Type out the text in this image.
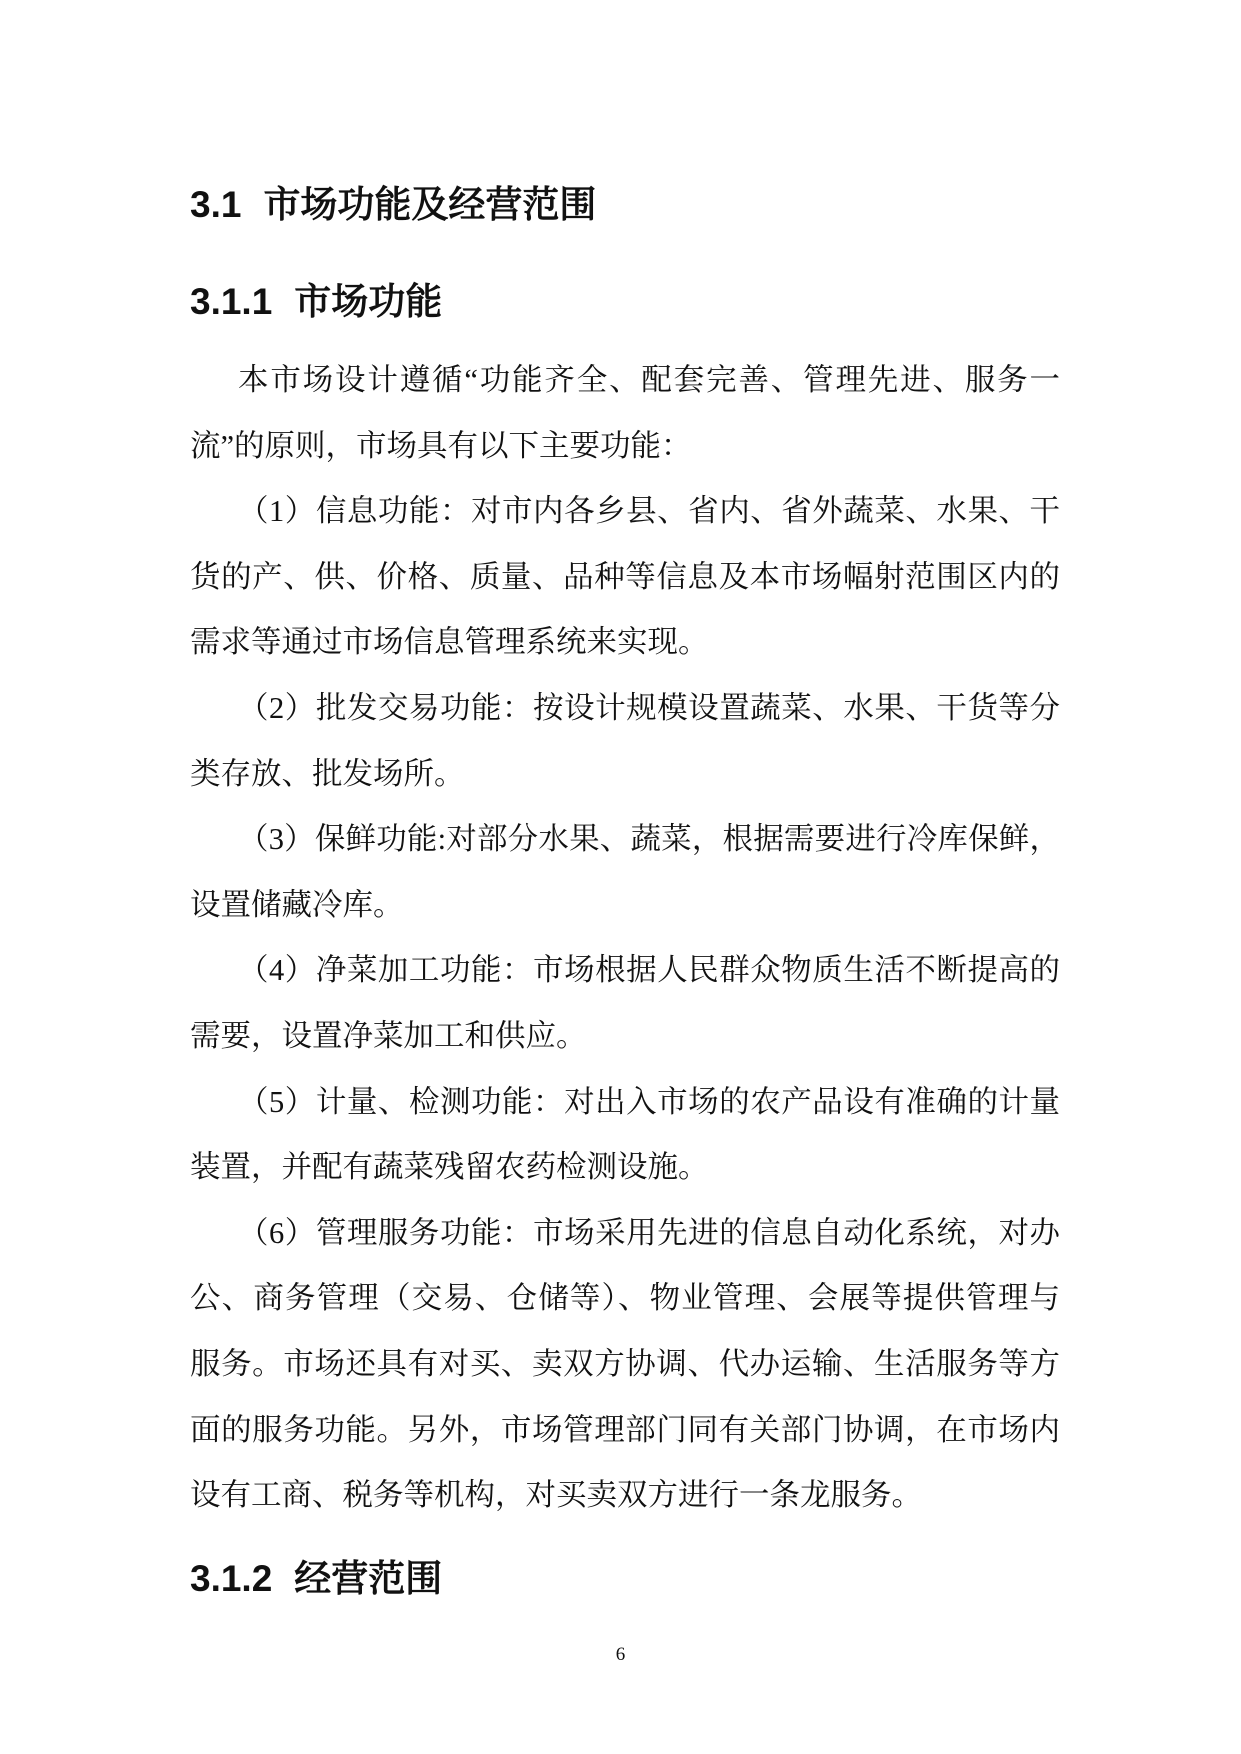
3.1 市场功能及经营范围
3.1.1 市场功能
本市场设计遵循“功能齐全、配套完善、管理先进、服务一
流”的原则，市场具有以下主要功能：
（1）信息功能：对市内各乡县、省内、省外蔬菜、水果、干
货的产、供、价格、质量、品种等信息及本市场幅射范围区内的
需求等通过市场信息管理系统来实现。
（2）批发交易功能：按设计规模设置蔬菜、水果、干货等分
类存放、批发场所。
（3）保鲜功能:对部分水果、蔬菜，根据需要进行冷库保鲜，
设置储藏冷库。
（4）净菜加工功能：市场根据人民群众物质生活不断提高的
需要，设置净菜加工和供应。
（5）计量、检测功能：对出入市场的农产品设有准确的计量
装置，并配有蔬菜残留农药检测设施。
（6）管理服务功能：市场采用先进的信息自动化系统，对办
公、商务管理（交易、仓储等）、物业管理、会展等提供管理与
服务。市场还具有对买、卖双方协调、代办运输、生活服务等方
面的服务功能。另外，市场管理部门同有关部门协调，在市场内
设有工商、税务等机构，对买卖双方进行一条龙服务。
3.1.2 经营范围
6
